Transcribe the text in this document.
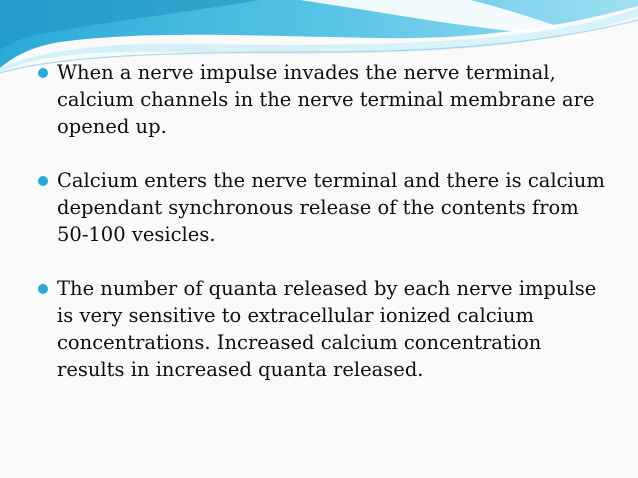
When a nerve impulse invades the nerve terminal, calcium channels in the nerve terminal membrane are opened up.
Calcium enters the nerve terminal and there is calcium dependant synchronous release of the contents from 50-100 vesicles.
The number of quanta released by each nerve impulse is very sensitive to extracellular ionized calcium concentrations. Increased calcium concentration results in increased quanta released.
